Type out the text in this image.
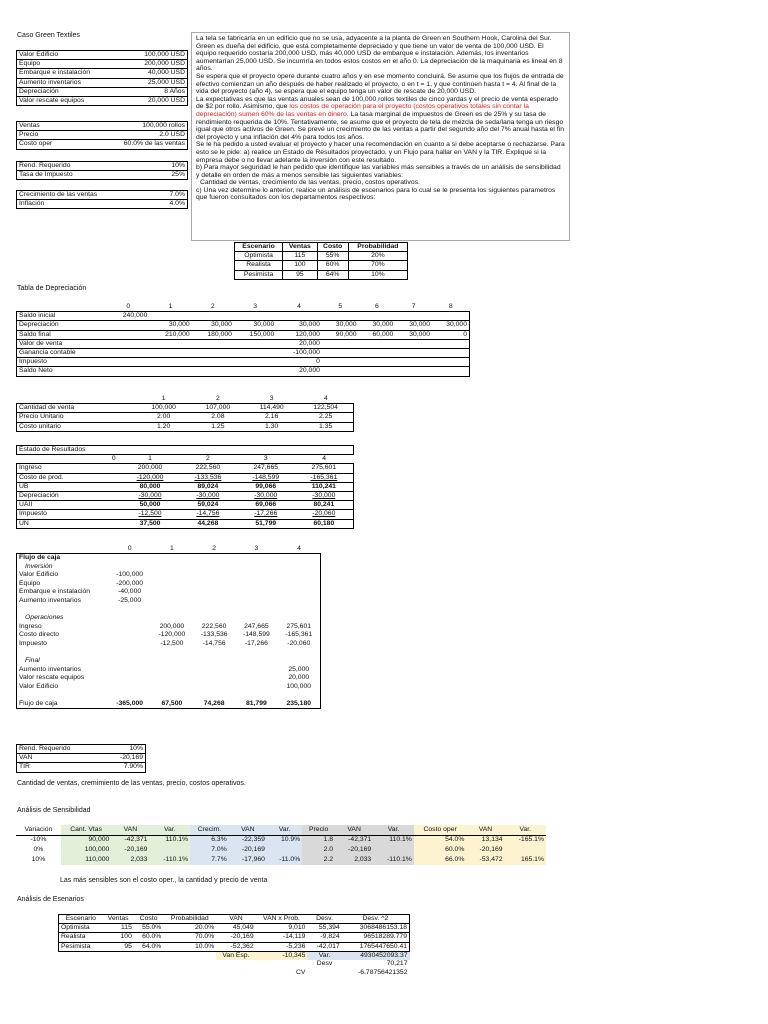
Caso Green Textiles
Valor Edificio	100,000 USD
Equipo	200,000 USD
Embarque e instalación	40,000 USD
Aumento inventarios	25,000 USD
Depreciación	8 Años
Valor rescate equipos	20,000 USD
Ventas	100,000 rollos
Precio	2.0 USD
Costo oper	60.0% de las ventas
Rend. Requerido	10%
Tasa de Impuesto	25%
Crecimiento de las ventas	7.0%
Inflación	4.0%
La tela se fabricaría en un edificio que no se usa, adyacente a la planta de Green en Southern Hook, Carolina del Sur. Green es dueña del edificio, que está completamente depreciado y que tiene un valor de venta de 100,000 USD. El equipo requerido costaría 200,000 USD, más 40,000 USD de embarque e instalación. Además, los inventarios aumentarían 25,000 USD. Se incurriría en todos estos costos en el año 0. La depreciación de la maquinaria es lineal en 8 años.
Se espera que el proyecto opere durante cuatro años y en ese momento concluirá. Se asume que los flujos de entrada de efectivo comienzan un año después de haber realizado el proyecto, o en t = 1, y que continúen hasta t = 4. Al final de la vida del proyecto (año 4), se espera que el equipo tenga un valor de rescate de 20,000 USD.
La expectativas es que las ventas anuales sean de 100,000 rollos textiles de cinco yardas y el precio de venta esperado de $2 por rollo. Asimismo, que los costos de operación para el proyecto (costos operativos totales sin contar la depreciación) sumen 60% de las ventas en dinero. La tasa marginal de impuestos de Green es de 25% y su tasa de rendimiento requerida de 10%. Tentativamente, se asume que el proyecto de tela de mezcla de seda/lana tenga un riesgo igual que otros activos de Green. Se prevé un crecimiento de las ventas a partir del segundo año del 7% anual hasta el fin del proyecto y una inflación del 4% para todos los años.
Se le ha pedido a usted evaluar el proyecto y hacer una recomendación en cuanto a si debe aceptarse o rechazarse. Para esto se le pide: a) realice un Estado de Resultados proyectado, y un Flujo para hallar en VAN y la TIR. Explique si la empresa debe o no llevar adelante la inversión con este resultado.
b) Para mayor seguridad le han pedido que identifique las variables más sensibles a través de un análisis de sensibilidad y detalle en orden de más a menos sensible las siguientes variables:
Cantidad de ventas, crecimiento de las ventas, precio, costos operativos.
c) Una vez determine lo anterior, realice un análisis de escenarios para lo cual se le presenta los siguientes parametros que fueron consultados con los departamentos respectivos:
Escenario	Ventas	Costo	Probabilidad
Optimista	115	55%	20%
Realista	100	60%	70%
Pesimista	95	64%	10%
Tabla de Depreciación
	0	1	2	3	4	5	6	7	8
Saldo inicial	240,000								
Depreciación		30,000	30,000	30,000	30,000	30,000	30,000	30,000	30,000
Saldo final		210,000	180,000	150,000	120,000	90,000	60,000	30,000	0
Valor de venta					20,000				
Ganancia contable					-100,000				
Impuesto					0				
Saldo Neto					20,000				
	1	2	3	4
Cantidad de venta	100,000	107,000	114,490	122,504
Precio Unitario	2.00	2.08	2.16	2.25
Costo unitario	1.20	1.25	1.30	1.35
Estado de Resultados					
	0	1	2	3	4
Ingreso		200,000	222,560	247,665	275,601
Costo de prod.		-120,000	-133,536	-148,599	-165,361
UB		80,000	89,024	99,066	110,241
Depreciación		-30,000	-30,000	-30,000	-30,000
UAII		50,000	59,024	69,066	80,241
Impuesto		-12,500	-14,756	-17,266	-20,060
UN		37,500	44,268	51,799	60,180
	0	1	2	3	4
Flujo de caja					
Inversión					
Valor Edificio	-100,000				
Equipo	-200,000				
Embarque e instalación	-40,000				
Aumento inventarios	-25,000				

Operaciones					
Ingreso		200,000	222,560	247,665	275,601
Costo directo		-120,000	-133,536	-148,599	-165,361
Impuesto		-12,500	-14,756	-17,266	-20,060

Final					
Aumento inventarios					25,000
Valor rescate equipos					20,000
Valor Edificio					100,000

Flujo de caja	-365,000	67,500	74,268	81,799	235,180
Rend. Requerido	10%
VAN	-20,169
TIR	7.90%
Cantidad de ventas, cremimiento de las ventas, precio, costos operativos.
Análisis de Sensibilidad
Variación	Cant. Vtas	VAN	Var.	Crecim.	VAN	Var.	Precio	VAN	Var.	Costo oper	VAN	Var.
-10%	90,000	-42,371	110.1%	6.3%	-22,359	10.9%	1.8	-42,371	110.1%	54.0%	13,134	-165.1%
0%	100,000	-20,169		7.0%	-20,169		2.0	-20,169		60.0%	-20,169	
10%	110,000	2,033	-110.1%	7.7%	-17,960	-11.0%	2.2	2,033	-110.1%	66.0%	-53,472	165.1%
Las más sensibles son el costo oper., la cantidad y precio de venta
Análisis de Esenarios
Escenario	Ventas	Costo	Probabilidad	VAN	VAN x Prob.	Desv.	Desv. ^2
Optimista	115	55.0%	20.0%	45,049	9,010	55,394	3068486153.18
Realista	100	60.0%	70.0%	-20,169	-14,119	-9,824	96518289.779
Pesimista	95	64.0%	10.0%	-52,362	-5,236	-42,017	1765447650.41
				Van Esp.	-10,345	Var.	4930452093.37
						Desv	70,217
					CV		-6.78756421352
